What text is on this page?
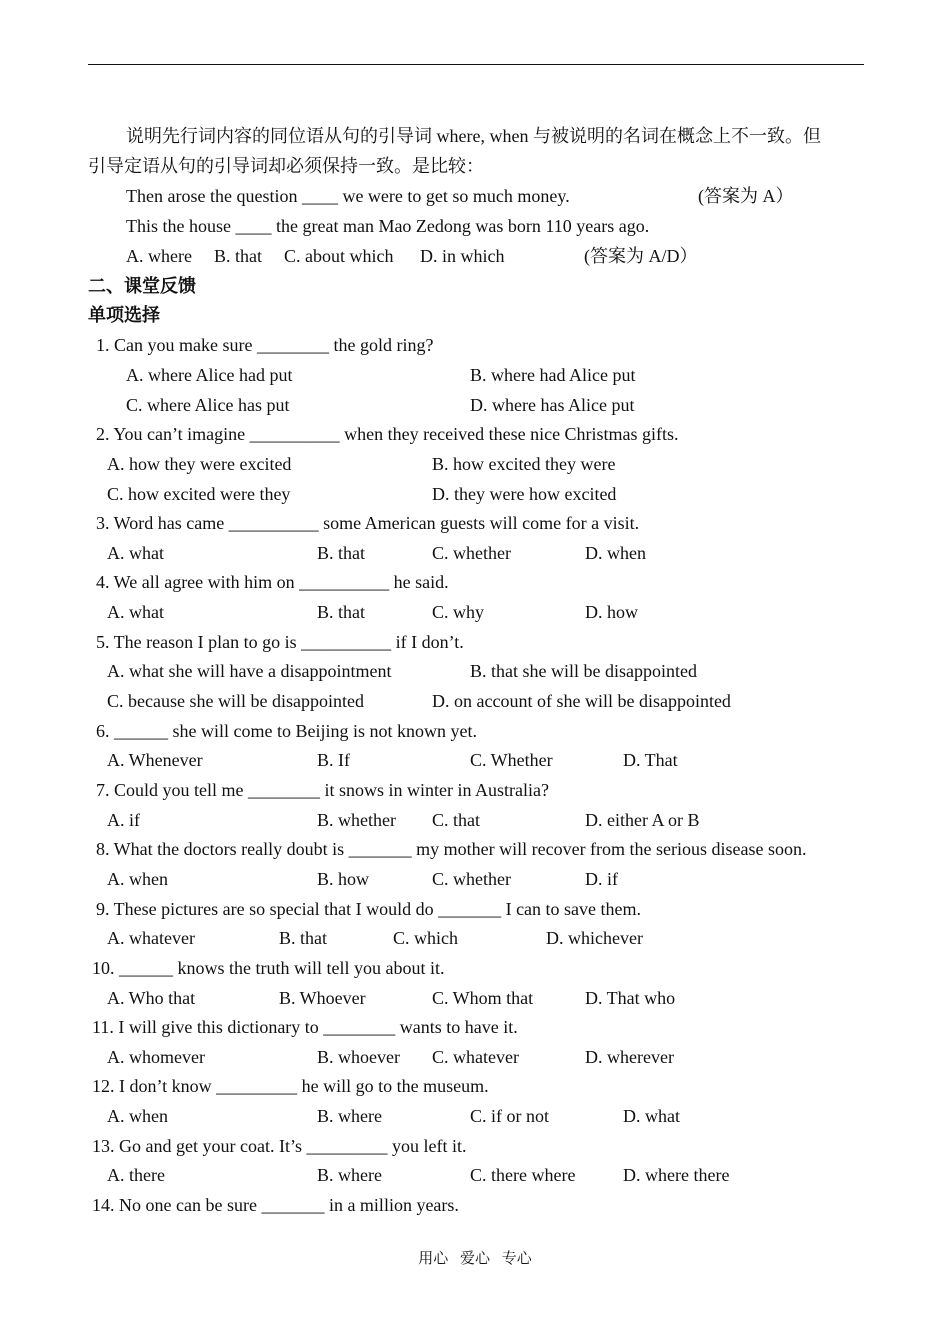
说明先行词内容的同位语从句的引导词 where, when 与被说明的名词在概念上不一致。但
引导定语从句的引导词却必须保持一致。是比较：
Then arose the question ____ we were to get so much money.	(答案为 A）
This the house ____ the great man Mao Zedong was born 110 years ago.
A. where B. that C. about which D. in which	(答案为 A/D）
二、课堂反馈
单项选择
1. Can you make sure ________ the gold ring?
A. where Alice had put	B. where had Alice put
C. where Alice has put	D. where has Alice put
2. You can’t imagine __________ when they received these nice Christmas gifts.
A. how they were excited	B. how excited they were
C. how excited were they	D. they were how excited
3. Word has came __________ some American guests will come for a visit.
A. what	B. that	C. whether	D. when
4. We all agree with him on __________ he said.
A. what	B. that	C. why	D. how
5. The reason I plan to go is __________ if I don’t.
A. what she will have a disappointment	B. that she will be disappointed
C. because she will be disappointed	D. on account of she will be disappointed
6. ______ she will come to Beijing is not known yet.
A. Whenever	B. If	C. Whether	D. That
7. Could you tell me ________ it snows in winter in Australia?
A. if	B. whether C. that	D. either A or B
8. What the doctors really doubt is _______ my mother will recover from the serious disease soon.
A. when	B. how	C. whether	D. if
9. These pictures are so special that I would do _______ I can to save them.
A. whatever	B. that	C. which	D. whichever
10. ______ knows the truth will tell you about it.
A. Who that	B. Whoever	C. Whom that	D. That who
11. I will give this dictionary to ________ wants to have it.
A. whomever	B. whoever C. whatever	D. wherever
12. I don’t know _________ he will go to the museum.
A. when	B. where	C. if or not	D. what
13. Go and get your coat. It’s _________ you left it.
A. there	B. where	C. there where	D. where there
14. No one can be sure _______ in a million years.
用心 爱心 专心
